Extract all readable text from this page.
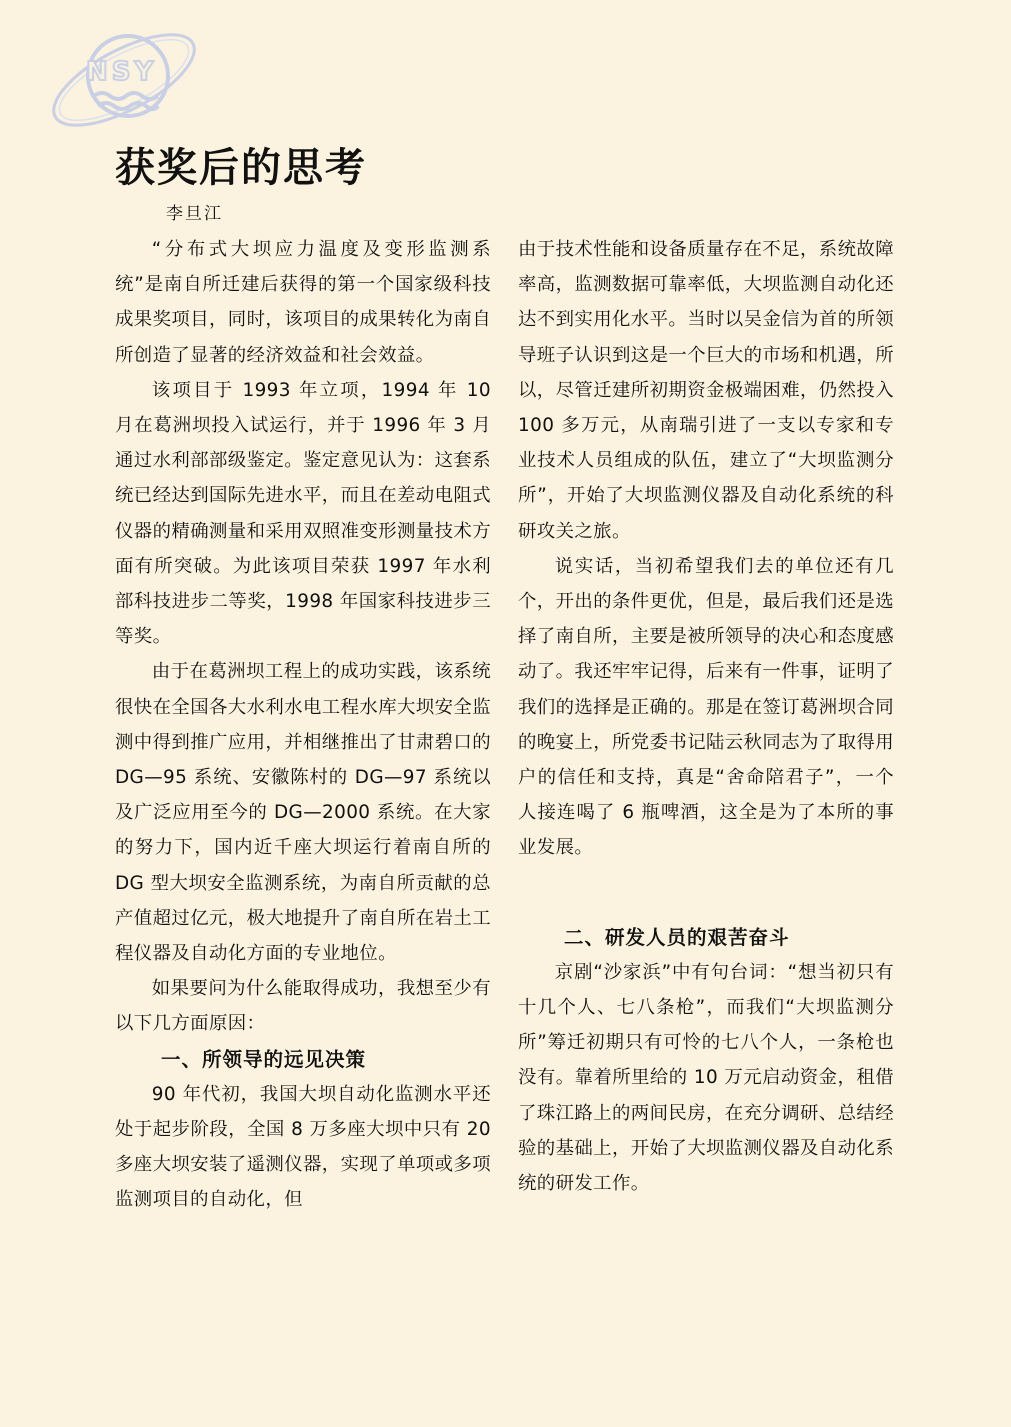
NSY
获奖后的思考
李旦江

“分布式大坝应力温度及变形监测系统”是南自所迁建后获得的第一个国家级科技成果奖项目，同时，该项目的成果转化为南自所创造了显著的经济效益和社会效益。

该项目于 1993 年立项，1994 年 10 月在葛洲坝投入试运行，并于 1996 年 3 月通过水利部部级鉴定。鉴定意见认为：这套系统已经达到国际先进水平，而且在差动电阻式仪器的精确测量和采用双照准变形测量技术方面有所突破。为此该项目荣获 1997 年水利部科技进步二等奖，1998 年国家科技进步三等奖。

由于在葛洲坝工程上的成功实践，该系统很快在全国各大水利水电工程水库大坝安全监测中得到推广应用，并相继推出了甘肃碧口的 DG—95 系统、安徽陈村的 DG—97 系统以及广泛应用至今的 DG—2000 系统。在大家的努力下，国内近千座大坝运行着南自所的 DG 型大坝安全监测系统，为南自所贡献的总产值超过亿元，极大地提升了南自所在岩土工程仪器及自动化方面的专业地位。

如果要问为什么能取得成功，我想至少有以下几方面原因：

一、所领导的远见决策

90 年代初，我国大坝自动化监测水平还处于起步阶段，全国 8 万多座大坝中只有 20 多座大坝安装了遥测仪器，实现了单项或多项监测项目的自动化，但

由于技术性能和设备质量存在不足，系统故障率高，监测数据可靠率低，大坝监测自动化还达不到实用化水平。当时以吴金信为首的所领导班子认识到这是一个巨大的市场和机遇，所以，尽管迁建所初期资金极端困难，仍然投入 100 多万元，从南瑞引进了一支以专家和专业技术人员组成的队伍，建立了“大坝监测分所”，开始了大坝监测仪器及自动化系统的科研攻关之旅。

说实话，当初希望我们去的单位还有几个，开出的条件更优，但是，最后我们还是选择了南自所，主要是被所领导的决心和态度感动了。我还牢牢记得，后来有一件事，证明了我们的选择是正确的。那是在签订葛洲坝合同的晚宴上，所党委书记陆云秋同志为了取得用户的信任和支持，真是“舍命陪君子”，一个人接连喝了 6 瓶啤酒，这全是为了本所的事业发展。

二、研发人员的艰苦奋斗

京剧“沙家浜”中有句台词：“想当初只有十几个人、七八条枪”，而我们“大坝监测分所”筹迁初期只有可怜的七八个人，一条枪也没有。靠着所里给的 10 万元启动资金，租借了珠江路上的两间民房，在充分调研、总结经验的基础上，开始了大坝监测仪器及自动化系统的研发工作。
